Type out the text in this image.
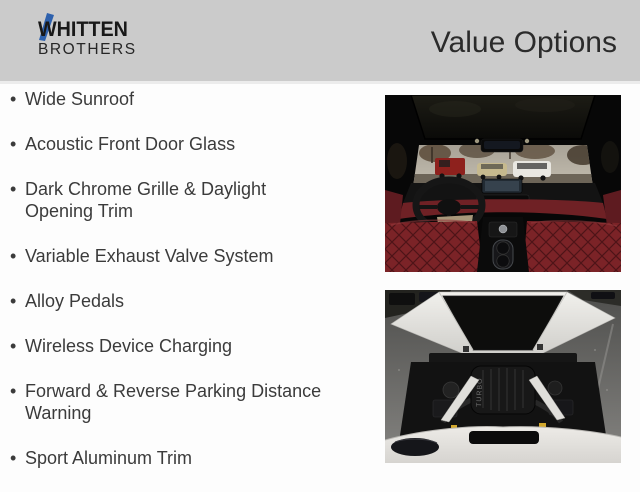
WHITTEN
BROTHERS	Value Options
• Wide Sunroof
• Acoustic Front Door Glass
• Dark Chrome Grille & Daylight Opening Trim
• Variable Exhaust Valve System
• Alloy Pedals
• Wireless Device Charging
• Forward & Reverse Parking Distance Warning
• Sport Aluminum Trim
TURBO
